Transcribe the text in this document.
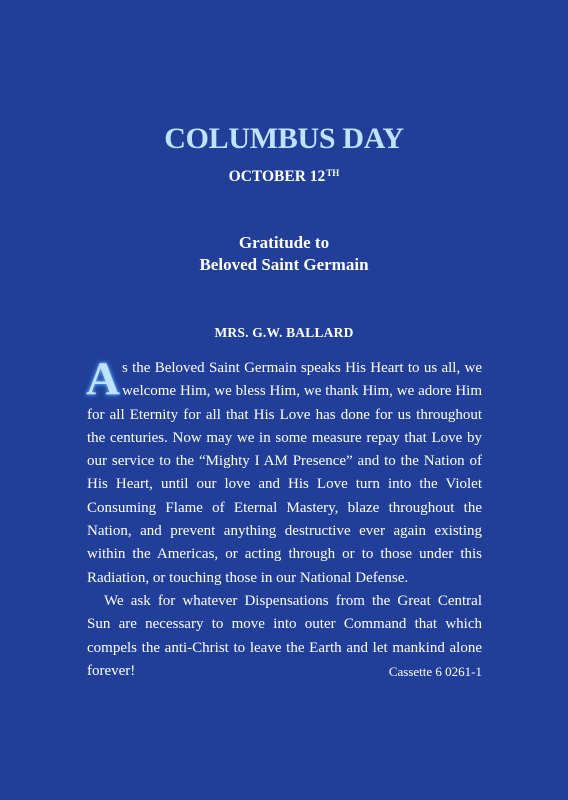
COLUMBUS DAY
OCTOBER 12TH
Gratitude to
Beloved Saint Germain
MRS. G.W. BALLARD

As the Beloved Saint Germain speaks His Heart to us all, we welcome Him, we bless Him, we thank Him, we adore Him for all Eternity for all that His Love has done for us throughout the centuries. Now may we in some measure repay that Love by our service to the “Mighty I AM Presence” and to the Nation of His Heart, until our love and His Love turn into the Violet Consuming Flame of Eternal Mastery, blaze throughout the Nation, and prevent anything destructive ever again existing within the Americas, or acting through or to those under this Radiation, or touching those in our National Defense.

We ask for whatever Dispensations from the Great Central Sun are necessary to move into outer Command that which compels the anti-Christ to leave the Earth and let mankind alone forever!	Cassette 6 0261-1
